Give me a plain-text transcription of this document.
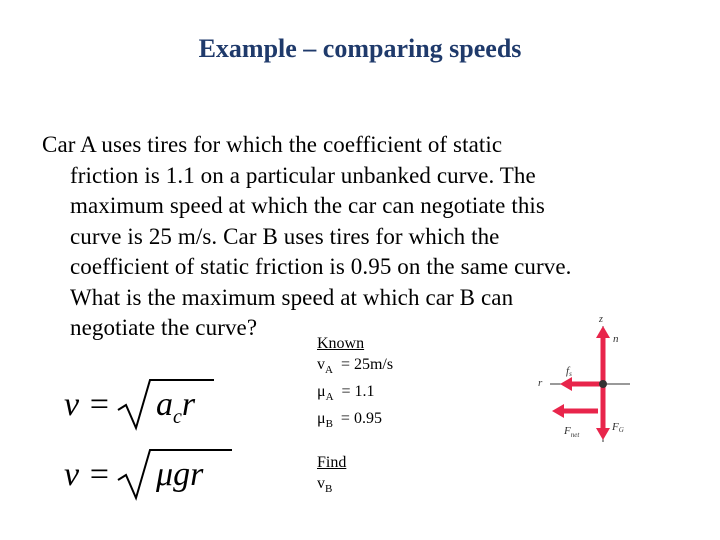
Example – comparing speeds
Car A uses tires for which the coefficient of static
friction is 1.1 on a particular unbanked curve. The
maximum speed at which the car can negotiate this
curve is 25 m/s. Car B uses tires for which the
coefficient of static friction is 0.95 on the same curve.
What is the maximum speed at which car B can
negotiate the curve?
$v = a_cr$
v = μgr
Known
$v_A = 25m/s$
$\mu_A = 1.1$
$\mu_B = 0.95$
Find
$v_B$
z
n
r
fs
$F_{net}$
FG
